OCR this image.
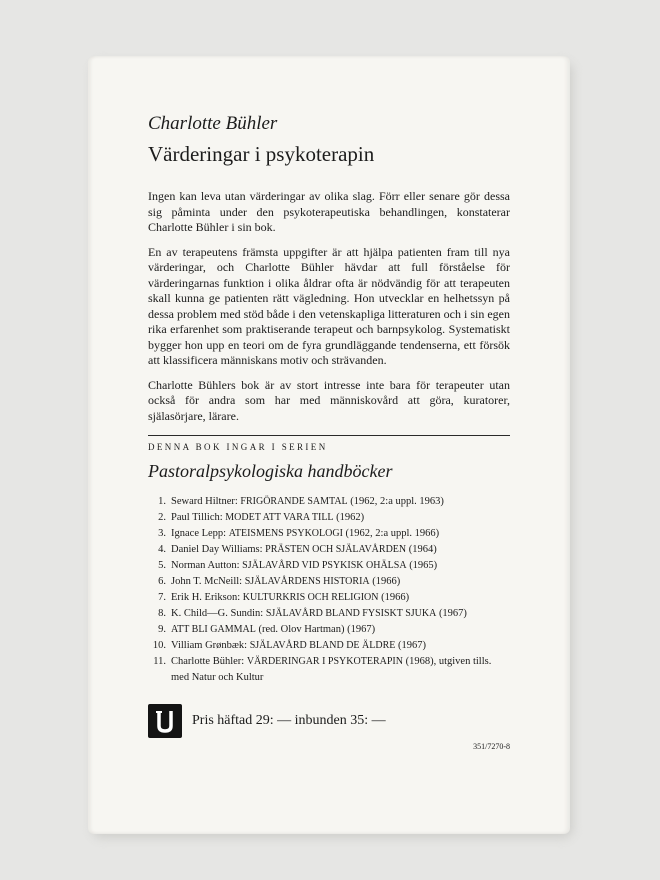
Charlotte Bühler
Värderingar i psykoterapin

Ingen kan leva utan värderingar av olika slag. Förr eller senare gör dessa sig påminta under den psykoterapeutiska behandlingen, konstaterar Charlotte Bühler i sin bok.

En av terapeutens främsta uppgifter är att hjälpa patienten fram till nya värderingar, och Charlotte Bühler hävdar att full förståelse för värderingarnas funktion i olika åldrar ofta är nödvändig för att terapeuten skall kunna ge patienten rätt vägledning. Hon utvecklar en helhetssyn på dessa problem med stöd både i den vetenskapliga litteraturen och i sin egen rika erfarenhet som praktiserande terapeut och barnpsykolog. Systematiskt bygger hon upp en teori om de fyra grundläggande tendenserna, ett försök att klassificera människans motiv och strävanden.

Charlotte Bühlers bok är av stort intresse inte bara för terapeuter utan också för andra som har med människovård att göra, kuratorer, själasörjare, lärare.

DENNA BOK INGAR I SERIEN
Pastoralpsykologiska handböcker
1. Seward Hiltner: FRIGÖRANDE SAMTAL (1962, 2:a uppl. 1963)
2. Paul Tillich: MODET ATT VARA TILL (1962)
3. Ignace Lepp: ATEISMENS PSYKOLOGI (1962, 2:a uppl. 1966)
4. Daniel Day Williams: PRÄSTEN OCH SJÄLAVÅRDEN (1964)
5. Norman Autton: SJÄLAVÅRD VID PSYKISK OHÄLSA (1965)
6. John T. McNeill: SJÄLAVÅRDENS HISTORIA (1966)
7. Erik H. Erikson: KULTURKRIS OCH RELIGION (1966)
8. K. Child—G. Sundin: SJÄLAVÅRD BLAND FYSISKT SJUKA (1967)
9. ATT BLI GAMMAL (red. Olov Hartman) (1967)
10. Villiam Grønbæk: SJÄLAVÅRD BLAND DE ÄLDRE (1967)
11. Charlotte Bühler: VÄRDERINGAR I PSYKOTERAPIN (1968), utgiven tills. med Natur och Kultur
Pris häftad 29: — inbunden 35: —
351/7270-8
